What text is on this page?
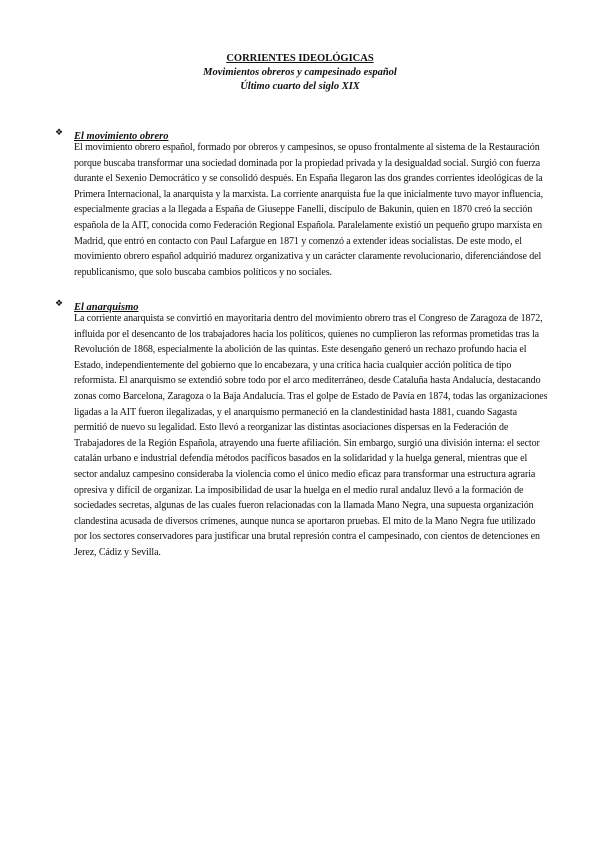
CORRIENTES IDEOLÓGICAS
Movimientos obreros y campesinado español
Último cuarto del siglo XIX
❖ El movimiento obrero

El movimiento obrero español, formado por obreros y campesinos, se opuso frontalmente al sistema de la Restauración porque buscaba transformar una sociedad dominada por la propiedad privada y la desigualdad social. Surgió con fuerza durante el Sexenio Democrático y se consolidó después. En España llegaron las dos grandes corrientes ideológicas de la Primera Internacional, la anarquista y la marxista. La corriente anarquista fue la que inicialmente tuvo mayor influencia, especialmente gracias a la llegada a España de Giuseppe Fanelli, discípulo de Bakunin, quien en 1870 creó la sección española de la AIT, conocida como Federación Regional Española. Paralelamente existió un pequeño grupo marxista en Madrid, que entró en contacto con Paul Lafargue en 1871 y comenzó a extender ideas socialistas. De este modo, el movimiento obrero español adquirió madurez organizativa y un carácter claramente revolucionario, diferenciándose del republicanismo, que solo buscaba cambios políticos y no sociales.

❖ El anarquismo

La corriente anarquista se convirtió en mayoritaria dentro del movimiento obrero tras el Congreso de Zaragoza de 1872, influida por el desencanto de los trabajadores hacia los políticos, quienes no cumplieron las reformas prometidas tras la Revolución de 1868, especialmente la abolición de las quintas. Este desengaño generó un rechazo profundo hacia el Estado, independientemente del gobierno que lo encabezara, y una crítica hacia cualquier acción política de tipo reformista. El anarquismo se extendió sobre todo por el arco mediterráneo, desde Cataluña hasta Andalucía, destacando zonas como Barcelona, Zaragoza o la Baja Andalucía. Tras el golpe de Estado de Pavía en 1874, todas las organizaciones ligadas a la AIT fueron ilegalizadas, y el anarquismo permaneció en la clandestinidad hasta 1881, cuando Sagasta permitió de nuevo su legalidad. Esto llevó a reorganizar las distintas asociaciones dispersas en la Federación de Trabajadores de la Región Española, atrayendo una fuerte afiliación. Sin embargo, surgió una división interna: el sector catalán urbano e industrial defendía métodos pacíficos basados en la solidaridad y la huelga general, mientras que el sector andaluz campesino consideraba la violencia como el único medio eficaz para transformar una estructura agraria opresiva y difícil de organizar. La imposibilidad de usar la huelga en el medio rural andaluz llevó a la formación de sociedades secretas, algunas de las cuales fueron relacionadas con la llamada Mano Negra, una supuesta organización clandestina acusada de diversos crímenes, aunque nunca se aportaron pruebas. El mito de la Mano Negra fue utilizado por los sectores conservadores para justificar una brutal represión contra el campesinado, con cientos de detenciones en Jerez, Cádiz y Sevilla.
